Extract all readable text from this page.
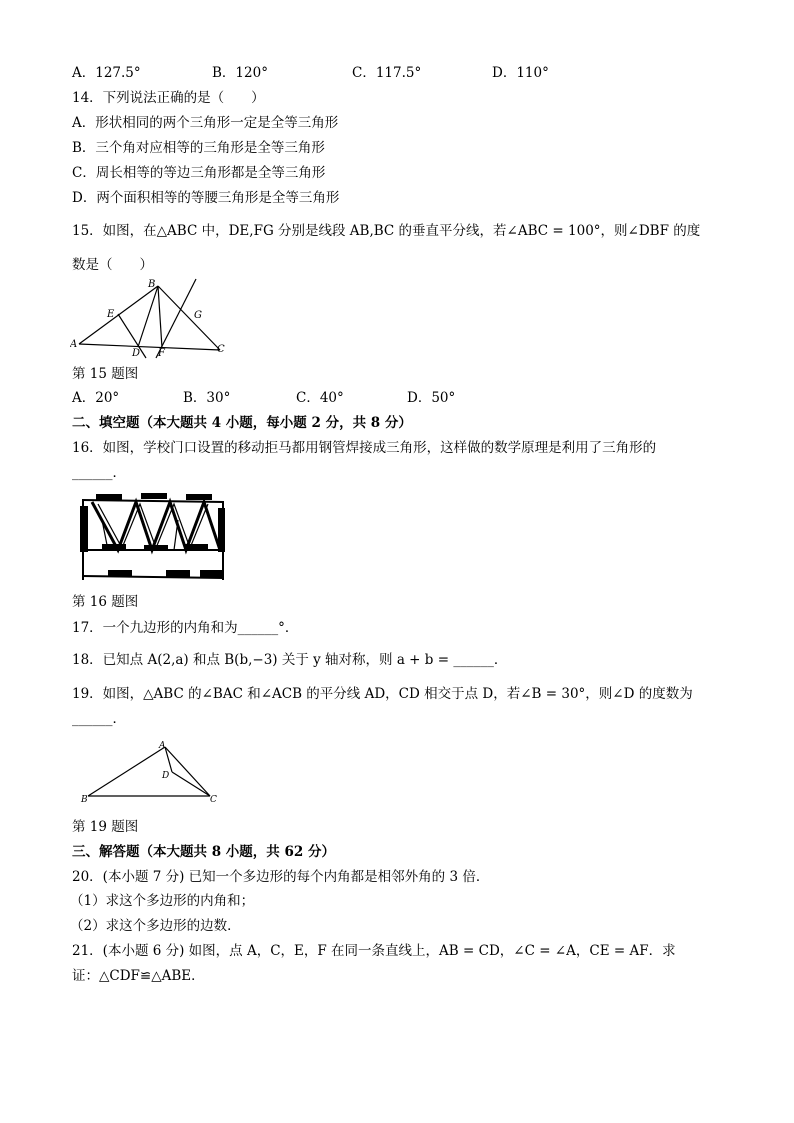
A．127.5°	B．120°	C．117.5°	D．110°
14．下列说法正确的是（　　）
A．形状相同的两个三角形一定是全等三角形
B．三个角对应相等的三角形是全等三角形
C．周长相等的等边三角形都是全等三角形
D．两个面积相等的等腰三角形是全等三角形
15．如图，在△ABC 中，DE,FG 分别是线段 AB,BC 的垂直平分线，若∠ABC = 100°，则∠DBF 的度
数是（　　）
A
B
C
D
E
F
G
第 15 题图
A．20°	B．30°	C．40°	D．50°
二、填空题（本大题共 4 小题，每小题 2 分，共 8 分）
16．如图，学校门口设置的移动拒马都用钢管焊接成三角形，这样做的数学原理是利用了三角形的
______．
第 16 题图
17．一个九边形的内角和为______°．
18．已知点 A(2,a) 和点 B(b,−3) 关于 y 轴对称，则 a + b = ______．
19．如图，△ABC 的∠BAC 和∠ACB 的平分线 AD，CD 相交于点 D，若∠B = 30°，则∠D 的度数为
______．
A
B	C
D
第 19 题图
三、解答题（本大题共 8 小题，共 62 分）
20．(本小题 7 分) 已知一个多边形的每个内角都是相邻外角的 3 倍．
（1）求这个多边形的内角和；
（2）求这个多边形的边数．
21．(本小题 6 分) 如图，点 A，C，E，F 在同一条直线上，AB = CD，∠C = ∠A，CE = AF．求
证：△CDF≌△ABE．
